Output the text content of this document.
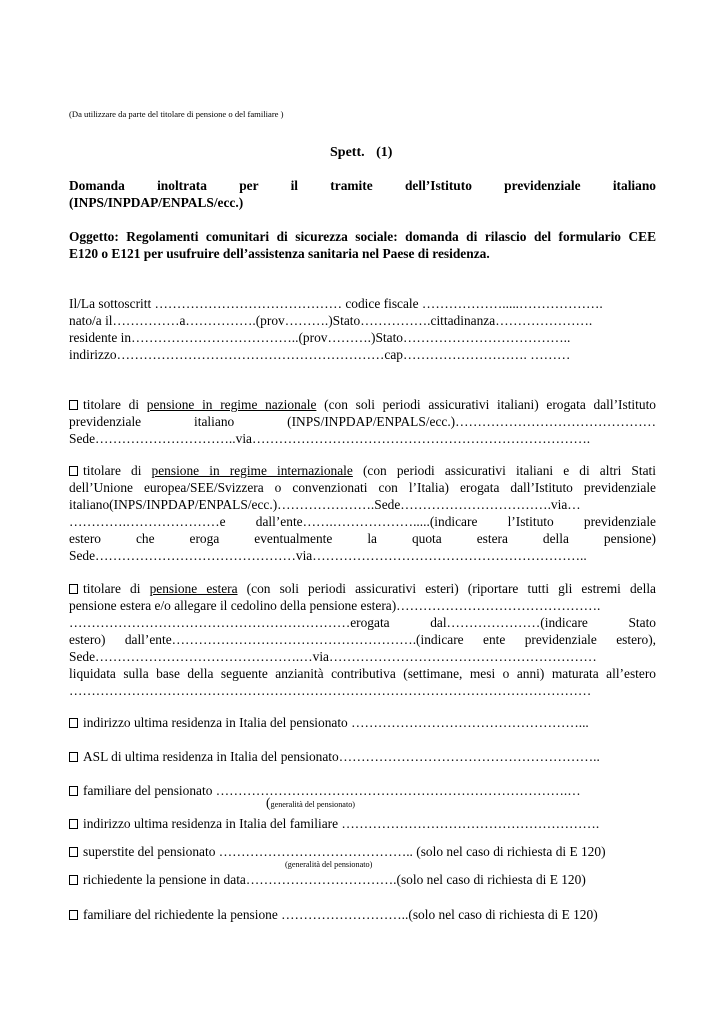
(Da utilizzare da parte del titolare di pensione o del familiare )
Spett. (1)
Domanda inoltrata per il tramite dell’Istituto previdenziale italiano
(INPS/INPDAP/ENPALS/ecc.)
Oggetto: Regolamenti comunitari di sicurezza sociale: domanda di rilascio del formulario CEE
E120 o E121 per usufruire dell’assistenza sanitaria nel Paese di residenza.
Il/La sottoscritt …………………………………… codice fiscale ……………….....……………….
nato/a il……………a…………….(prov……….)Stato…………….cittadinanza………………….
residente in………………………………..(prov……….)Stato………………………………..
indirizzo……………………………………………………cap………………………. ………
titolare di pensione in regime nazionale (con soli periodi assicurativi italiani) erogata dall’Istituto
previdenziale italiano (INPS/INPDAP/ENPALS/ecc.)………………………………………
Sede…………………………..via………………………………………………………………….
titolare di pensione in regime internazionale (con periodi assicurativi italiani e di altri Stati
dell’Unione europea/SEE/Svizzera o convenzionati con l’Italia) erogata dall’Istituto previdenziale
italiano(INPS/INPDAP/ENPALS/ecc.)………………….Sede…………………………….via…
………….…………………e dall’ente…….……………….....(indicare l’Istituto previdenziale
estero che eroga eventualmente la quota estera della pensione)
Sede………………………………………via……………………………………………………..
titolare di pensione estera (con soli periodi assicurativi esteri) (riportare tutti gli estremi della
pensione estera e/o allegare il cedolino della pensione estera)……………………………………….
………………………………………………………erogata dal…………………(indicare Stato
estero) dall’ente……………………………………………….(indicare ente previdenziale estero),
Sede……………………………………….…via……………………………………………………
liquidata sulla base della seguente anzianità contributiva (settimane, mesi o anni) maturata all’estero
………………………………………………………………………………………………………
indirizzo ultima residenza in Italia del pensionato ……………………………………………...
ASL di ultima residenza in Italia del pensionato…………………………………………………..
familiare del pensionato …………………………………………………………………….…
(generalità del pensionato)
indirizzo ultima residenza in Italia del familiare ………………………………………………….
superstite del pensionato …………………………………….. (solo nel caso di richiesta di E 120)
(generalità del pensionato)
richiedente la pensione in data…………………………….(solo nel caso di richiesta di E 120)
familiare del richiedente la pensione ………………………..(solo nel caso di richiesta di E 120)
